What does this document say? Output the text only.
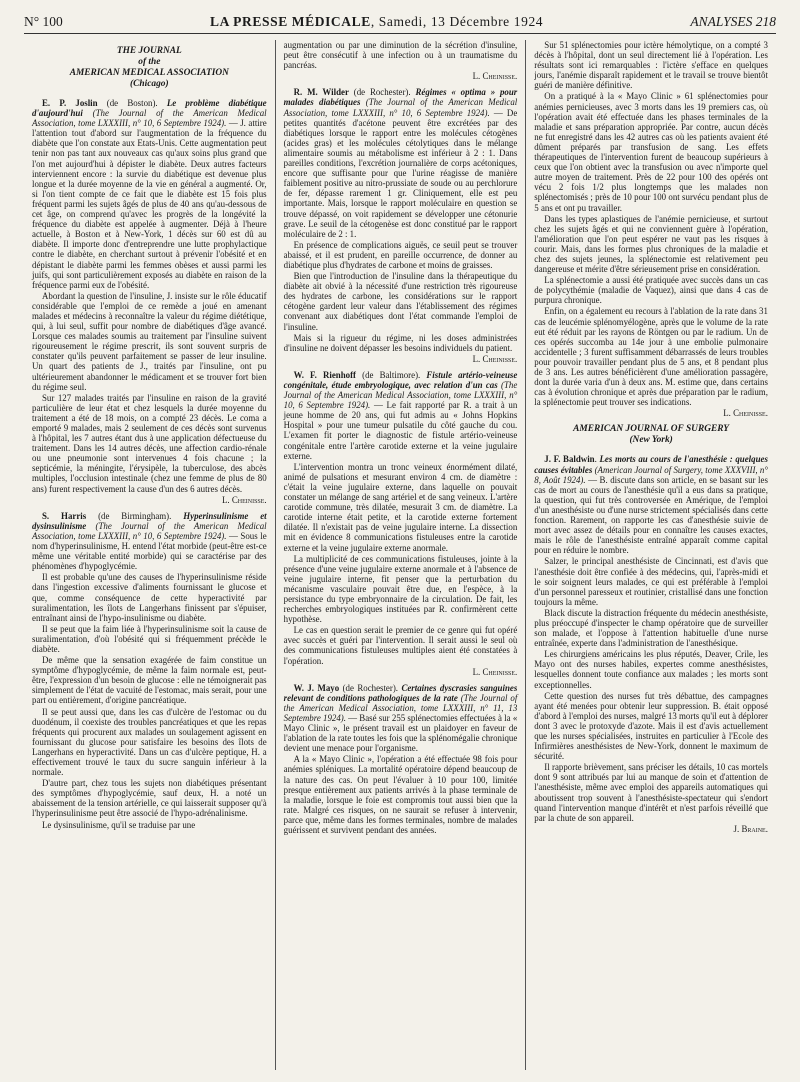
N° 100	LA PRESSE MÉDICALE, Samedi, 13 Décembre 1924	ANALYSES 218
THE JOURNAL
of the
AMERICAN MEDICAL ASSOCIATION
(Chicago)

E. P. Joslin (de Boston). Le problème diabétique d'aujourd'hui (The Journal of the American Medical Association, tome LXXXIII, n° 10, 6 Septembre 1924). — J. attire l'attention tout d'abord sur l'augmentation de la fréquence du diabète que l'on constate aux Etats-Unis. Cette augmentation peut tenir non pas tant aux nouveaux cas qu'aux soins plus grand que l'on met aujourd'hui à dépister le diabète. Deux autres facteurs interviennent encore : la survie du diabétique est devenue plus longue et la durée moyenne de la vie en général a augmenté. Or, si l'on tient compte de ce fait que le diabète est 15 fois plus fréquent parmi les sujets âgés de plus de 40 ans qu'au-dessous de cet âge, on comprend qu'avec les progrès de la longévité la fréquence du diabète est appelée à augmenter. Déjà à l'heure actuelle, à Boston et à New-York, 1 décès sur 60 est dû au diabète. Il importe donc d'entreprendre une lutte prophylactique contre le diabète, en cherchant surtout à prévenir l'obésité et en dépistant le diabète parmi les femmes obèses et aussi parmi les juifs, qui sont particulièrement exposés au diabète en raison de la fréquence parmi eux de l'obésité.

Abordant la question de l'insuline, J. insiste sur le rôle éducatif considérable que l'emploi de ce remède a joué en amenant malades et médecins à reconnaître la valeur du régime diététique, qui, à lui seul, suffit pour nombre de diabétiques d'âge avancé. Lorsque ces malades soumis au traitement par l'insuline suivent rigoureusement le régime prescrit, ils sont souvent surpris de constater qu'ils peuvent parfaitement se passer de leur insuline. Un quart des patients de J., traités par l'insuline, ont pu ultérieurement abandonner le médicament et se trouver fort bien du régime seul.

Sur 127 malades traités par l'insuline en raison de la gravité particulière de leur état et chez lesquels la durée moyenne du traitement a été de 18 mois, on a compté 23 décès. Le coma a emporté 9 malades, mais 2 seulement de ces décès sont survenus à l'hôpital, les 7 autres étant dus à une application défectueuse du traitement. Dans les 14 autres décès, une affection cardio-rénale ou une pneumonie sont intervenues 4 fois chacune ; la septicémie, la méningite, l'érysipèle, la tuberculose, des abcès multiples, l'occlusion intestinale (chez une femme de plus de 80 ans) furent respectivement la cause d'un des 6 autres décès.

L. Cheinisse.

S. Harris (de Birmingham). Hyperinsulinisme et dysinsulinisme (The Journal of the American Medical Association, tome LXXXIII, n° 10, 6 Septembre 1924). — Sous le nom d'hyperinsulinisme, H. entend l'état morbide (peut-être est-ce même une véritable entité morbide) qui se caractérise par des phénomènes d'hypoglycémie.

Il est probable qu'une des causes de l'hyperinsulinisme réside dans l'ingestion excessive d'aliments fournissant le glucose et que, comme conséquence de cette hyperactivité par suralimentation, les îlots de Langerhans finissent par s'épuiser, entraînant ainsi de l'hypo-insulinisme ou diabète.

Il se peut que la faim liée à l'hyperinsulinisme soit la cause de suralimentation, d'où l'obésité qui si fréquemment précède le diabète.

De même que la sensation exagérée de faim constitue un symptôme d'hypoglycémie, de même la faim normale est, peut-être, l'expression d'un besoin de glucose : elle ne témoignerait pas simplement de l'état de vacuité de l'estomac, mais serait, pour une part ou entièrement, d'origine pancréatique.

Il se peut aussi que, dans les cas d'ulcère de l'estomac ou du duodénum, il coexiste des troubles pancréatiques et que les repas fréquents qui procurent aux malades un soulagement agissent en fournissant du glucose pour satisfaire les besoins des îlots de Langerhans en hyperactivité. Dans un cas d'ulcère peptique, H. a effectivement trouvé le taux du sucre sanguin inférieur à la normale.

D'autre part, chez tous les sujets non diabétiques présentant des symptômes d'hypoglycémie, sauf deux, H. a noté un abaissement de la tension artérielle, ce qui laisserait supposer qu'à l'hyperinsulinisme peut être associé de l'hypo-adrénalinisme.

Le dysinsulinisme, qu'il se traduise par une

augmentation ou par une diminution de la sécrétion d'insuline, peut être consécutif à une infection ou à un traumatisme du pancréas.

L. Cheinisse.

R. M. Wilder (de Rochester). Régimes « optima » pour malades diabétiques (The Journal of the American Medical Association, tome LXXXIII, n° 10, 6 Septembre 1924). — De petites quantités d'acétone peuvent être excrétées par des diabétiques lorsque le rapport entre les molécules cétogènes (acides gras) et les molécules cétolytiques dans le mélange alimentaire soumis au métabolisme est inférieur à 2 : 1. Dans pareilles conditions, l'excrétion journalière de corps acétoniques, encore que suffisante pour que l'urine réagisse de manière faiblement positive au nitro-prussiate de soude ou au perchlorure de fer, dépasse rarement 1 gr. Cliniquement, elle est peu importante. Mais, lorsque le rapport moléculaire en question se trouve dépassé, on voit rapidement se développer une cétonurie grave. Le seuil de la cétogenèse est donc constitué par le rapport moléculaire de 2 : 1.

En présence de complications aiguës, ce seuil peut se trouver abaissé, et il est prudent, en pareille occurrence, de donner au diabétique plus d'hydrates de carbone et moins de graisses.

Bien que l'introduction de l'insuline dans la thérapeutique du diabète ait obvié à la nécessité d'une restriction très rigoureuse des hydrates de carbone, les considérations sur le rapport cétogène gardent leur valeur dans l'établissement des régimes convenant aux diabétiques dont l'état commande l'emploi de l'insuline.

Mais si la rigueur du régime, ni les doses administrées d'insuline ne doivent dépasser les besoins individuels du patient.

L. Cheinisse.

W. F. Rienhoff (de Baltimore). Fistule artério-veineuse congénitale, étude embryologique, avec relation d'un cas (The Journal of the American Medical Association, tome LXXXIII, n° 10, 6 Septembre 1924). — Le fait rapporté par R. a trait à un jeune homme de 20 ans, qui fut admis au « Johns Hopkins Hospital » pour une tumeur pulsatile du côté gauche du cou. L'examen fit porter le diagnostic de fistule artério-veineuse congénitale entre l'artère carotide externe et la veine jugulaire externe.

L'intervention montra un tronc veineux énormément dilaté, animé de pulsations et mesurant environ 4 cm. de diamètre : c'était la veine jugulaire externe, dans laquelle on pouvait constater un mélange de sang artériel et de sang veineux. L'artère carotide commune, très dilatée, mesurait 3 cm. de diamètre. La carotide interne était petite, et la carotide externe fortement dilatée. Il n'existait pas de veine jugulaire interne. La dissection mit en évidence 8 communications fistuleuses entre la carotide externe et la veine jugulaire externe anormale.

La multiplicité de ces communications fistuleuses, jointe à la présence d'une veine jugulaire externe anormale et à l'absence de veine jugulaire interne, fit penser que la perturbation du mécanisme vasculaire pouvait être due, en l'espèce, à la persistance du type embryonnaire de la circulation. De fait, les recherches embryologiques instituées par R. confirmèrent cette hypothèse.

Le cas en question serait le premier de ce genre qui fut opéré avec succès et guéri par l'intervention. Il serait aussi le seul où des communications fistuleuses multiples aient été constatées à l'opération.

L. Cheinisse.

W. J. Mayo (de Rochester). Certaines dyscrasies sanguines relevant de conditions pathologiques de la rate (The Journal of the American Medical Association, tome LXXXIII, n° 11, 13 Septembre 1924). — Basé sur 255 splénectomies effectuées à la « Mayo Clinic », le présent travail est un plaidoyer en faveur de l'ablation de la rate toutes les fois que la splénomégalie chronique devient une menace pour l'organisme.

A la « Mayo Clinic », l'opération a été effectuée 98 fois pour anémies spléniques. La mortalité opératoire dépend beaucoup de la nature des cas. On peut l'évaluer à 10 pour 100, limitée presque entièrement aux patients arrivés à la phase terminale de la maladie, lorsque le foie est compromis tout aussi bien que la rate. Malgré ces risques, on ne saurait se refuser à intervenir, parce que, même dans les formes terminales, nombre de malades guérissent et survivent pendant des années.

Sur 51 splénectomies pour ictère hémolytique, on a compté 3 décès à l'hôpital, dont un seul directement lié à l'opération. Les résultats sont ici remarquables : l'ictère s'efface en quelques jours, l'anémie disparaît rapidement et le travail se trouve bientôt guéri de manière définitive.

On a pratiqué à la « Mayo Clinic » 61 splénectomies pour anémies pernicieuses, avec 3 morts dans les 19 premiers cas, où l'opération avait été effectuée dans les phases terminales de la maladie et sans préparation appropriée. Par contre, aucun décès ne fut enregistré dans les 42 autres cas où les patients avaient été dûment préparés par transfusion de sang. Les effets thérapeutiques de l'intervention furent de beaucoup supérieurs à ceux que l'on obtient avec la transfusion ou avec n'importe quel autre moyen de traitement. Près de 22 pour 100 des opérés ont vécu 2 fois 1/2 plus longtemps que les malades non splénectomisés ; près de 10 pour 100 ont survécu pendant plus de 5 ans et ont pu travailler.

Dans les types aplastiques de l'anémie pernicieuse, et surtout chez les sujets âgés et qui ne conviennent guère à l'opération, l'amélioration que l'on peut espérer ne vaut pas les risques à courir. Mais, dans les formes plus chroniques de la maladie et chez des sujets jeunes, la splénectomie est relativement peu dangereuse et mérite d'être sérieusement prise en considération.

La splénectomie a aussi été pratiquée avec succès dans un cas de polycythémie (maladie de Vaquez), ainsi que dans 4 cas de purpura chronique.

Enfin, on a également eu recours à l'ablation de la rate dans 31 cas de leucémie splénomyélogène, après que le volume de la rate eut été réduit par les rayons de Röntgen ou par le radium. Un de ces opérés succomba au 14e jour à une embolie pulmonaire accidentelle ; 3 furent suffisamment débarrassés de leurs troubles pour pouvoir travailler pendant plus de 5 ans, et 8 pendant plus de 3 ans. Les autres bénéficièrent d'une amélioration passagère, dont la durée varia d'un à deux ans. M. estime que, dans certains cas à évolution chronique et après due préparation par le radium, la splénectomie peut trouver ses indications.

L. Cheinisse.

AMERICAN JOURNAL OF SURGERY
(New York)

J. F. Baldwin. Les morts au cours de l'anesthésie : quelques causes évitables (American Journal of Surgery, tome XXXVIII, n° 8, Août 1924). — B. discute dans son article, en se basant sur les cas de mort au cours de l'anesthésie qu'il a eus dans sa pratique, la question, qui fut très controversée en Amérique, de l'emploi d'un anesthésiste ou d'une nurse strictement spécialisés dans cette fonction. Rarement, on rapporte les cas d'anesthésie suivie de mort avec assez de détails pour en connaître les causes exactes, mais le rôle de l'anesthésiste entraîné apparaît comme capital pour en réduire le nombre.

Salzer, le principal anesthésiste de Cincinnati, est d'avis que l'anesthésie doit être confiée à des médecins, qui, l'après-midi et le soir soignent leurs malades, ce qui est préférable à l'emploi d'un personnel paresseux et routinier, cristallisé dans une fonction toujours la même.

Black discute la distraction fréquente du médecin anesthésiste, plus préoccupé d'inspecter le champ opératoire que de surveiller son malade, et l'oppose à l'attention habituelle d'une nurse entraînée, experte dans l'administration de l'anesthésique.

Les chirurgiens américains les plus réputés, Deaver, Crile, les Mayo ont des nurses habiles, expertes comme anesthésistes, lesquelles donnent toute confiance aux malades ; les morts sont exceptionnelles.

Cette question des nurses fut très débattue, des campagnes ayant été menées pour obtenir leur suppression. B. était opposé d'abord à l'emploi des nurses, malgré 13 morts qu'il eut à déplorer dont 3 avec le protoxyde d'azote. Mais il est d'avis actuellement que les nurses spécialisées, instruites en particulier à l'Ecole des Infirmières anesthésistes de New-York, donnent le maximum de sécurité.

Il rapporte brièvement, sans préciser les détails, 10 cas mortels dont 9 sont attribués par lui au manque de soin et d'attention de l'anesthésiste, même avec emploi des appareils automatiques qui aboutissent trop souvent à l'anesthésiste-spectateur qui s'endort quand l'intervention manque d'intérêt et n'est parfois réveillé que par la chute de son appareil.

J. Braine.
